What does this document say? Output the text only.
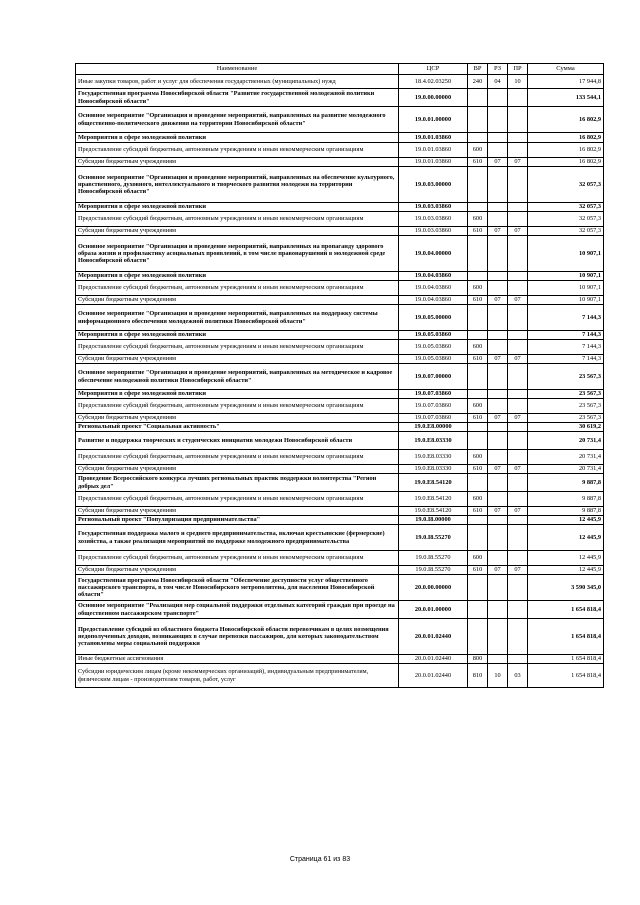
Наименование	ЦСР	ВР	РЗ	ПР	Сумма
Иные закупки товаров, работ и услуг для обеспечения государственных (муниципальных) нужд	18.4.02.03250	240	04	10	17 944,8
Государственная программа Новосибирской области "Развитие государственной молодежной политики Новосибирской области"	19.0.00.00000				133 544,1
Основное мероприятие "Организация и проведение мероприятий, направленных на развитие молодежного общественно-политического движения на территории Новосибирской области"	19.0.01.00000				16 802,9
Мероприятия в сфере молодежной политики	19.0.01.03860				16 802,9
Предоставление субсидий бюджетным, автономным учреждениям и иным некоммерческим организациям	19.0.01.03860	600			16 802,9
Субсидии бюджетным учреждениям	19.0.01.03860	610	07	07	16 802,9
Основное мероприятие "Организация и проведение мероприятий, направленных на обеспечение культурного, нравственного, духовного, интеллектуального и творческого развития молодежи на территории Новосибирской области"	19.0.03.00000				32 057,3
Мероприятия в сфере молодежной политики	19.0.03.03860				32 057,3
Предоставление субсидий бюджетным, автономным учреждениям и иным некоммерческим организациям	19.0.03.03860	600			32 057,3
Субсидии бюджетным учреждениям	19.0.03.03860	610	07	07	32 057,3
Основное мероприятие "Организация и проведение мероприятий, направленных на пропаганду здорового образа жизни и профилактику асоциальных проявлений, в том числе правонарушений в молодежной среде Новосибирской области"	19.0.04.00000				10 907,1
Мероприятия в сфере молодежной политики	19.0.04.03860				10 907,1
Предоставление субсидий бюджетным, автономным учреждениям и иным некоммерческим организациям	19.0.04.03860	600			10 907,1
Субсидии бюджетным учреждениям	19.0.04.03860	610	07	07	10 907,1
Основное мероприятие "Организация и проведение мероприятий, направленных на поддержку системы информационного обеспечения молодежной политики Новосибирской области"	19.0.05.00000				7 144,3
Мероприятия в сфере молодежной политики	19.0.05.03860				7 144,3
Предоставление субсидий бюджетным, автономным учреждениям и иным некоммерческим организациям	19.0.05.03860	600			7 144,3
Субсидии бюджетным учреждениям	19.0.05.03860	610	07	07	7 144,3
Основное мероприятие "Организация и проведение мероприятий, направленных на методическое и кадровое обеспечение молодежной политики Новосибирской области"	19.0.07.00000				23 567,3
Мероприятия в сфере молодежной политики	19.0.07.03860				23 567,3
Предоставление субсидий бюджетным, автономным учреждениям и иным некоммерческим организациям	19.0.07.03860	600			23 567,3
Субсидии бюджетным учреждениям	19.0.07.03860	610	07	07	23 567,3
Региональный проект "Социальная активность"	19.0.E8.00000				30 619,2
Развитие и поддержка творческих и студенческих инициатив молодежи Новосибирской области	19.0.E8.03330				20 731,4
Предоставление субсидий бюджетным, автономным учреждениям и иным некоммерческим организациям	19.0.E8.03330	600			20 731,4
Субсидии бюджетным учреждениям	19.0.E8.03330	610	07	07	20 731,4
Проведение Всероссийского конкурса лучших региональных практик поддержки волонтерства "Регион добрых дел"	19.0.E8.54120				9 887,8
Предоставление субсидий бюджетным, автономным учреждениям и иным некоммерческим организациям	19.0.E8.54120	600			9 887,8
Субсидии бюджетным учреждениям	19.0.E8.54120	610	07	07	9 887,8
Региональный проект "Популяризация предпринимательства"	19.0.I8.00000				12 445,9
Государственная поддержка малого и среднего предпринимательства, включая крестьянские (фермерские) хозяйства, а также реализация мероприятий по поддержке молодежного предпринимательства	19.0.I8.55270				12 445,9
Предоставление субсидий бюджетным, автономным учреждениям и иным некоммерческим организациям	19.0.I8.55270	600			12 445,9
Субсидии бюджетным учреждениям	19.0.I8.55270	610	07	07	12 445,9
Государственная программа Новосибирской области "Обеспечение доступности услуг общественного пассажирского транспорта, в том числе Новосибирского метрополитена, для населения Новосибирской области"	20.0.00.00000				3 590 345,0
Основное мероприятие "Реализация мер социальной поддержки отдельных категорий граждан при проезде на общественном пассажирском транспорте"	20.0.01.00000				1 654 818,4
Предоставление субсидий из областного бюджета Новосибирской области перевозчикам в целях возмещения недополученных доходов, возникающих в случае перевозки пассажиров, для которых законодательством установлены меры социальной поддержки	20.0.01.02440				1 654 818,4
Иные бюджетные ассигнования	20.0.01.02440	800			1 654 818,4
Субсидии юридическим лицам (кроме некоммерческих организаций), индивидуальным предпринимателям, физическим лицам - производителям товаров, работ, услуг	20.0.01.02440	810	10	03	1 654 818,4
Страница 61 из 83
